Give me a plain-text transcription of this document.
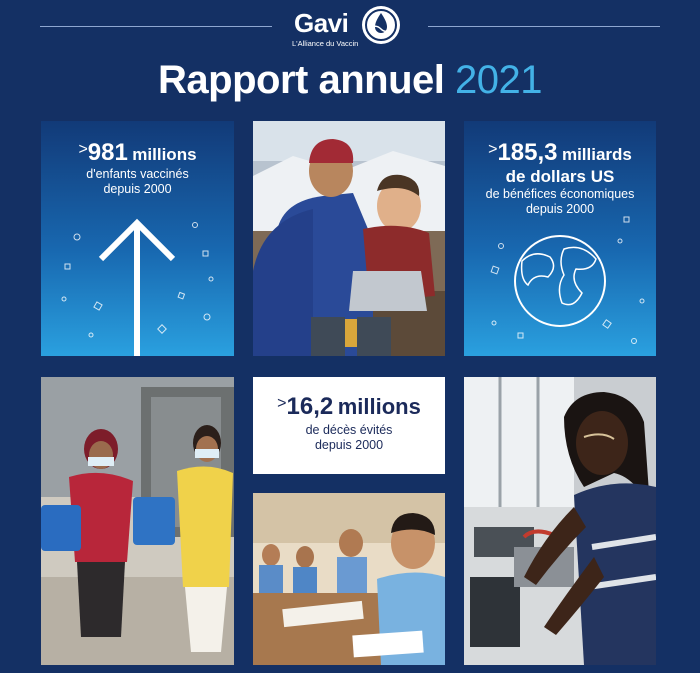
Gavi
L'Alliance du Vaccin
Rapport annuel 2021
>981 millions
d'enfants vaccinés
depuis 2000
>185,3 milliards
de dollars US
de bénéfices économiques
depuis 2000
>16,2 millions
de décès évités
depuis 2000
